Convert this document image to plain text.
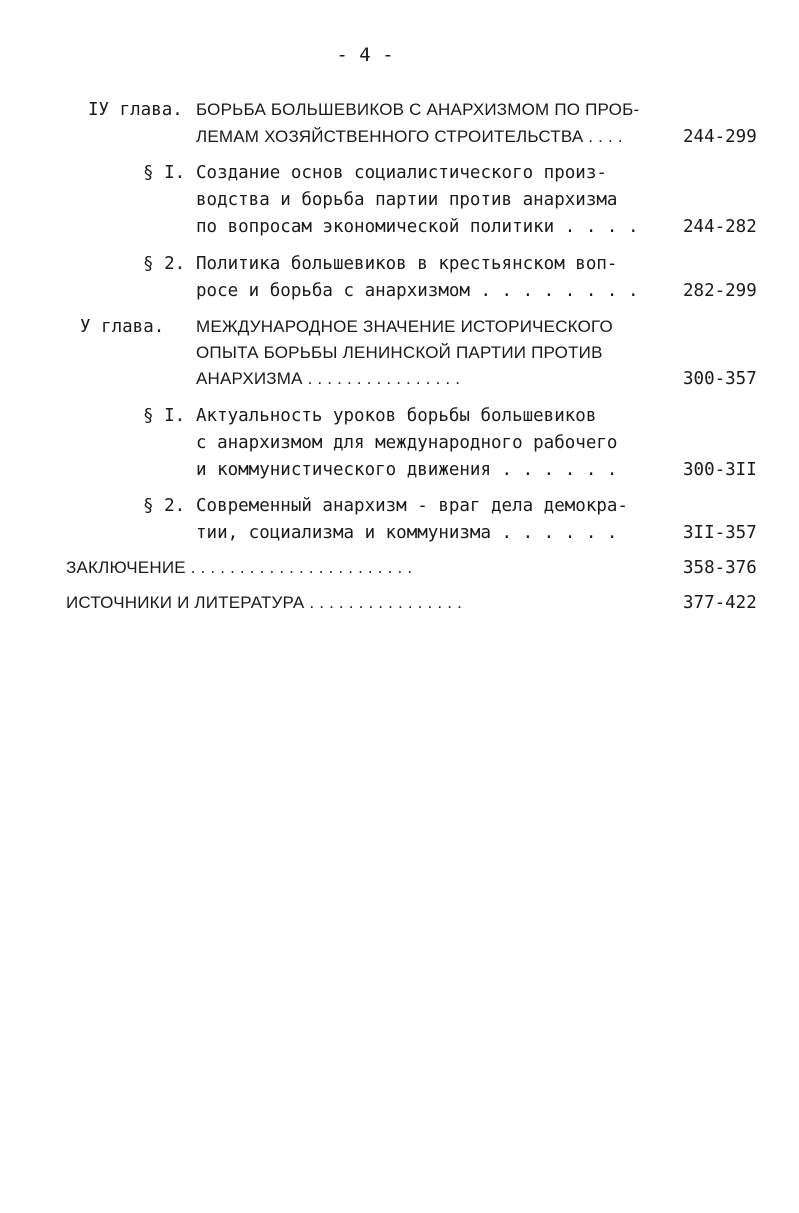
- 4 -
IУ глава. БОРЬБА БОЛЬШЕВИКОВ С АНАРХИЗМОМ ПО ПРОБ-
ЛЕМАМ ХОЗЯЙСТВЕННОГО СТРОИТЕЛЬСТВА . . . .	244-299
§ I. Создание основ социалистического произ-
водства и борьба партии против анархизма
по вопросам экономической политики . . . .	244-282
§ 2. Политика большевиков в крестьянском воп-
росе и борьба с анархизмом . . . . . . . .	282-299
У глава. МЕЖДУНАРОДНОЕ ЗНАЧЕНИЕ ИСТОРИЧЕСКОГО
ОПЫТА БОРЬБЫ ЛЕНИНСКОЙ ПАРТИИ ПРОТИВ
АНАРХИЗМА . . . . . . . . . . . . . . . .	300-357
§ I. Актуальность уроков борьбы большевиков
с анархизмом для международного рабочего
и коммунистического движения . . . . . .	300-3II
§ 2. Современный анархизм - враг дела демокра-
тии, социализма и коммунизма . . . . . .	3II-357
ЗАКЛЮЧЕНИЕ . . . . . . . . . . . . . . . . . . . . . . .	358-376
ИСТОЧНИКИ И ЛИТЕРАТУРА . . . . . . . . . . . . . . . .	377-422
